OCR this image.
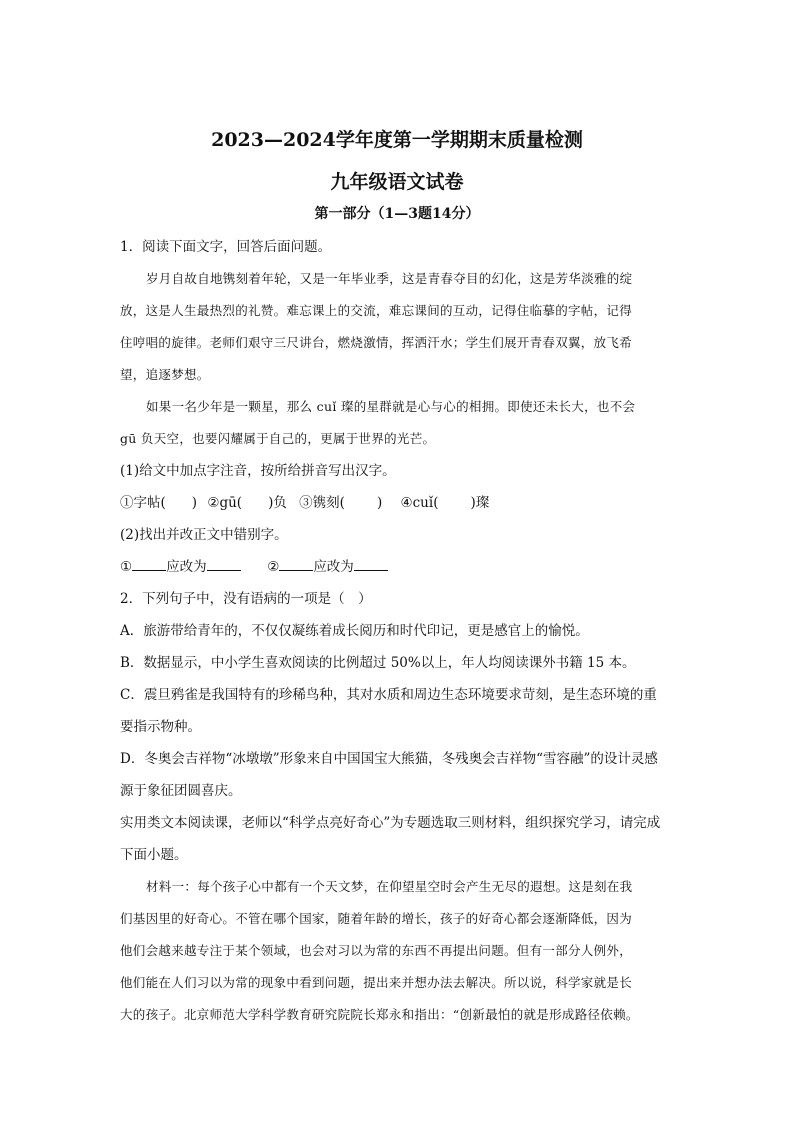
2023—2024学年度第一学期期末质量检测
九年级语文试卷
第一部分（1—3题14分）
1．阅读下面文字，回答后面问题。
岁月自故自地镌刻着年轮，又是一年毕业季，这是青春夺目的幻化，这是芳华淡雅的绽
放，这是人生最热烈的礼赞。难忘课上的交流，难忘课间的互动，记得住临摹的字帖，记得
住哼唱的旋律。老师们艰守三尺讲台，燃烧激情，挥洒汗水；学生们展开青春双翼，放飞希
望，追逐梦想。
如果一名少年是一颗星，那么 cuǐ 璨的星群就是心与心的相拥。即使还未长大，也不会
gū 负天空，也要闪耀属于自己的，更属于世界的光芒。
(1)给文中加点字注音，按所给拼音写出汉字。
①字帖( ) ②gū( )负 ③镌刻( ) ④cuǐ( )璨
(2)找出并改正文中错别字。
①	应改为	②	应改为
2．下列句子中，没有语病的一项是（　）
A．旅游带给青年的，不仅仅凝练着成长阅历和时代印记，更是感官上的愉悦。
B．数据显示，中小学生喜欢阅读的比例超过 50%以上，年人均阅读课外书籍 15 本。
C．震旦鸦雀是我国特有的珍稀鸟种，其对水质和周边生态环境要求苛刻，是生态环境的重
要指示物种。
D．冬奥会吉祥物“冰墩墩”形象来自中国国宝大熊猫，冬残奥会吉祥物“雪容融”的设计灵感
源于象征团圆喜庆。
实用类文本阅读课，老师以“科学点亮好奇心”为专题选取三则材料，组织探究学习，请完成
下面小题。
材料一：每个孩子心中都有一个天文梦，在仰望星空时会产生无尽的遐想。这是刻在我
们基因里的好奇心。不管在哪个国家，随着年龄的增长，孩子的好奇心都会逐渐降低，因为
他们会越来越专注于某个领域，也会对习以为常的东西不再提出问题。但有一部分人例外，
他们能在人们习以为常的现象中看到问题，提出来并想办法去解决。所以说，科学家就是长
大的孩子。北京师范大学科学教育研究院院长郑永和指出：“创新最怕的就是形成路径依赖。
